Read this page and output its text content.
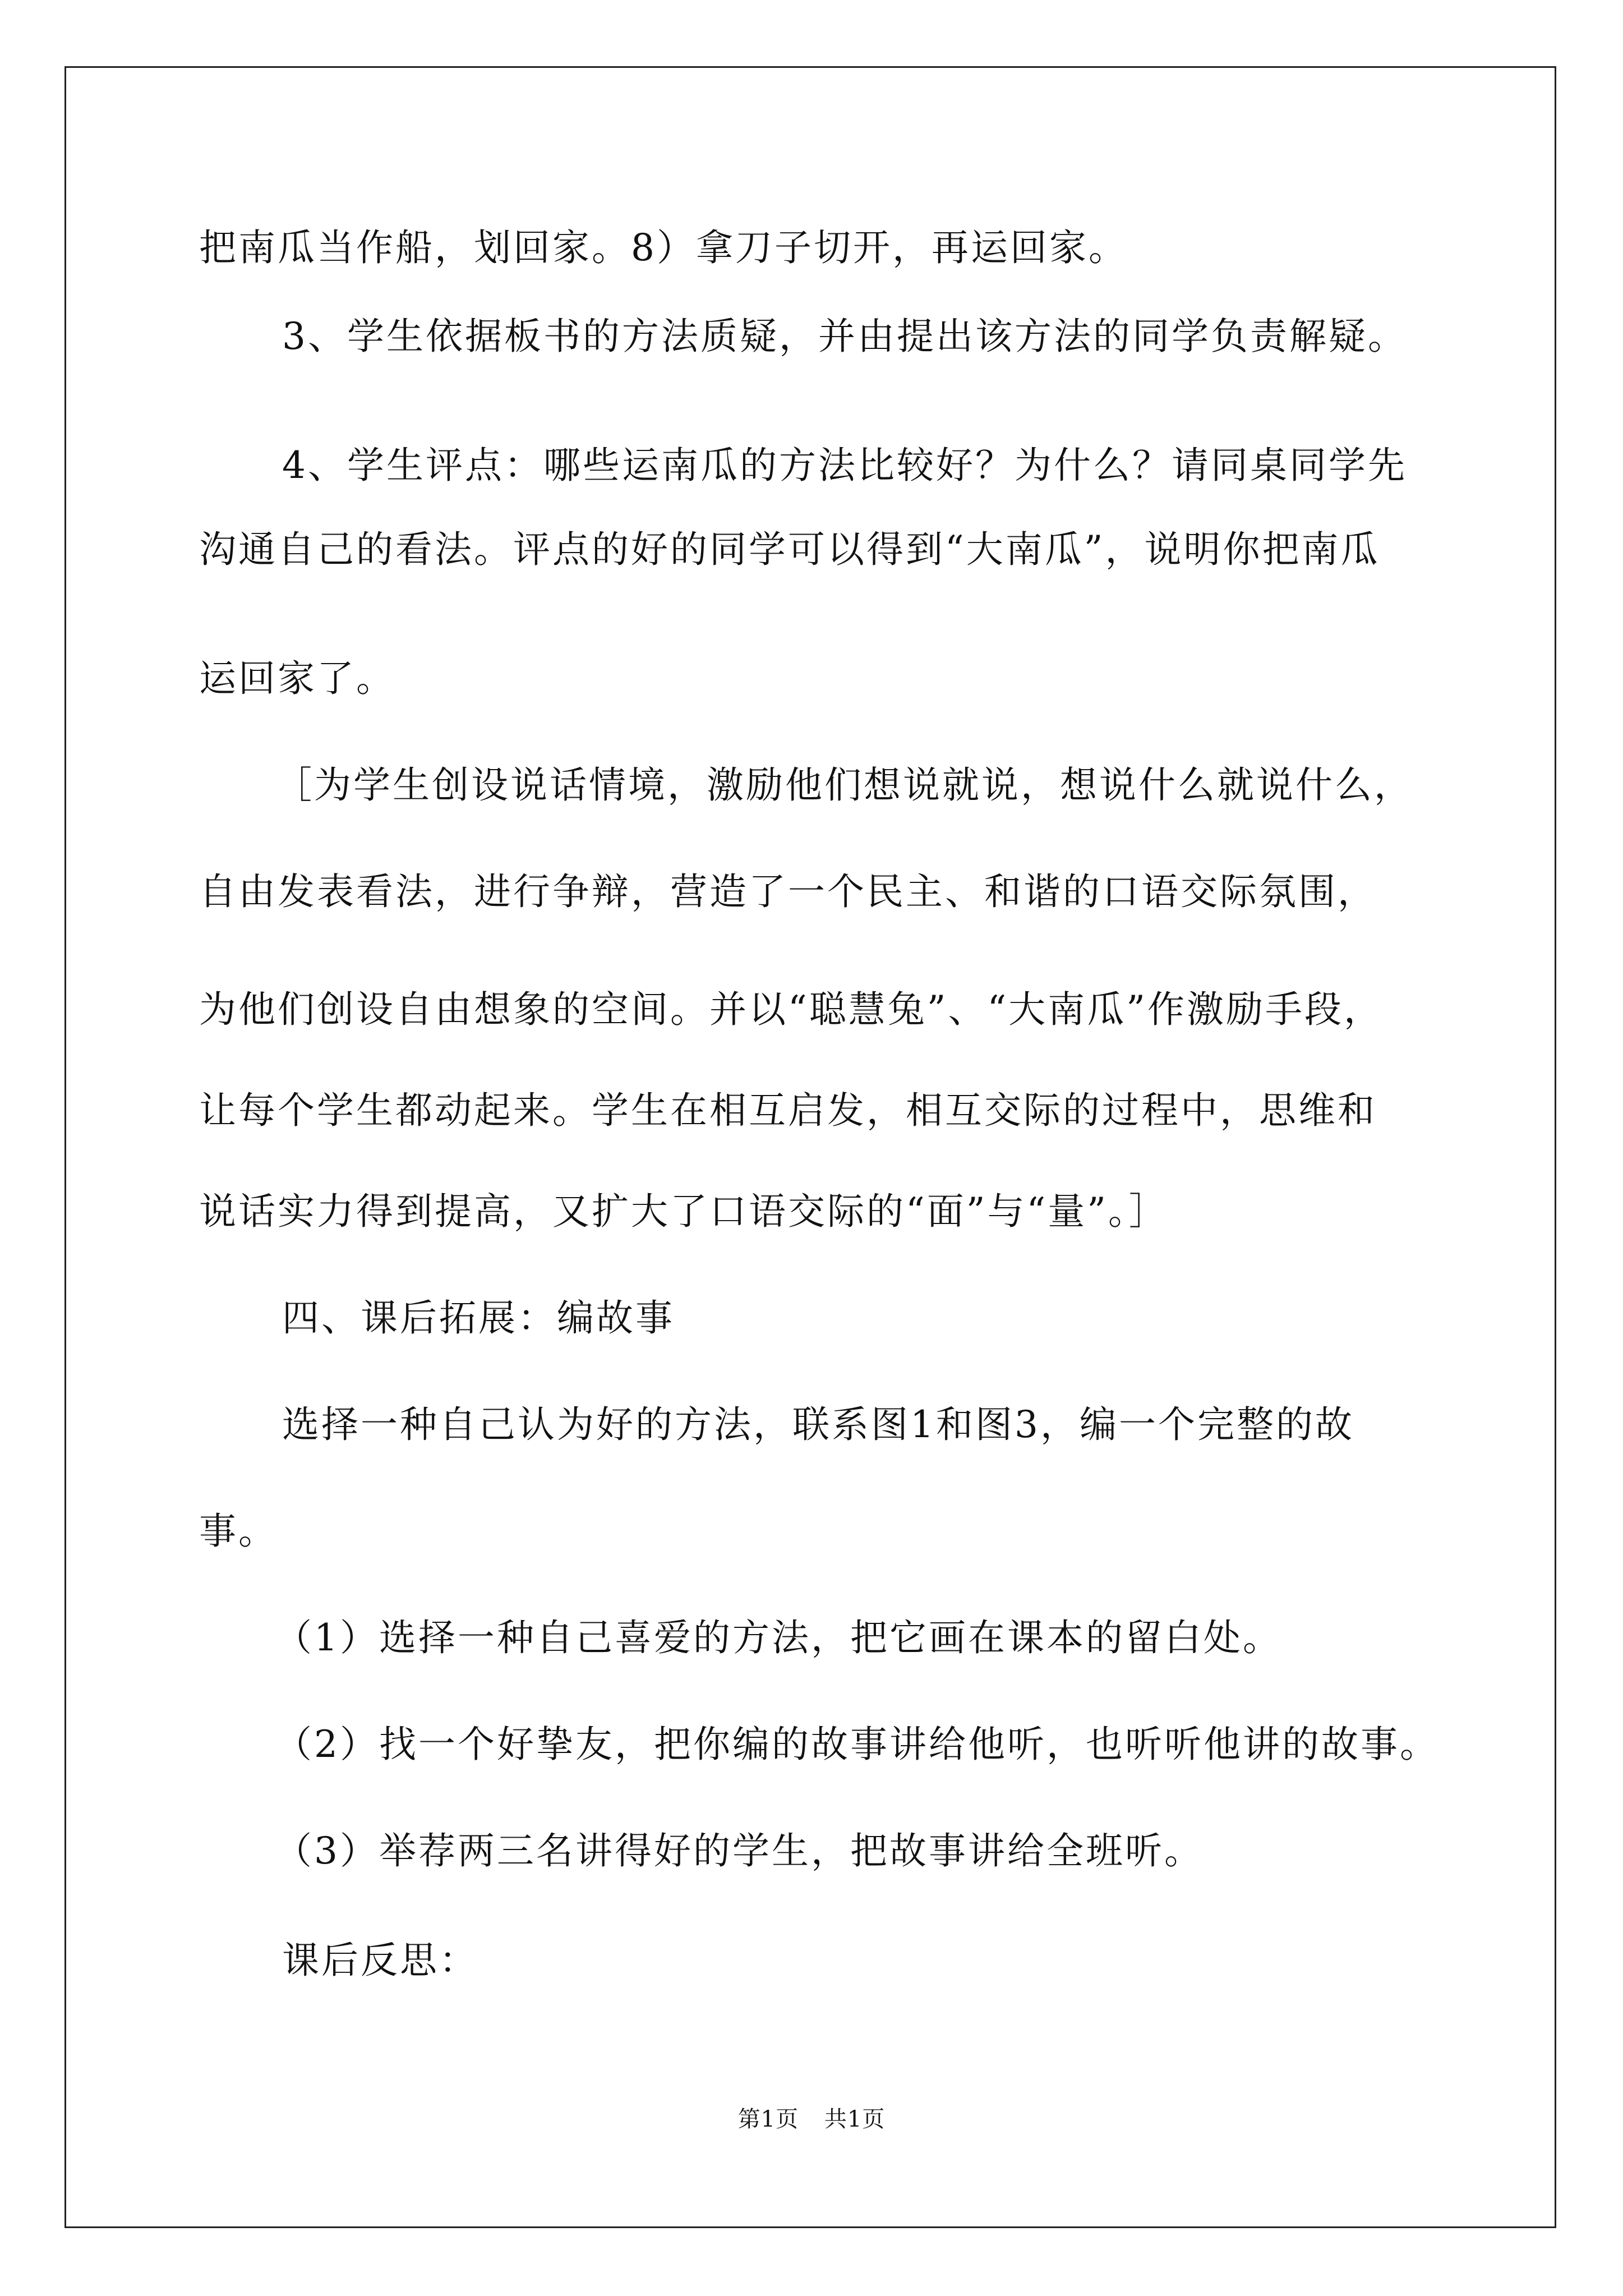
把南瓜当作船，划回家。8）拿刀子切开，再运回家。
3、学生依据板书的方法质疑，并由提出该方法的同学负责解疑。
4、学生评点：哪些运南瓜的方法比较好？为什么？请同桌同学先
沟通自己的看法。评点的好的同学可以得到“大南瓜”，说明你把南瓜
运回家了。
［为学生创设说话情境，激励他们想说就说，想说什么就说什么，
自由发表看法，进行争辩，营造了一个民主、和谐的口语交际氛围，
为他们创设自由想象的空间。并以“聪慧兔”、“大南瓜”作激励手段，
让每个学生都动起来。学生在相互启发，相互交际的过程中，思维和
说话实力得到提高，又扩大了口语交际的“面”与“量”。］
四、课后拓展：编故事
选择一种自己认为好的方法，联系图1和图3，编一个完整的故
事。
（1）选择一种自己喜爱的方法，把它画在课本的留白处。
（2）找一个好挚友，把你编的故事讲给他听，也听听他讲的故事。
（3）举荐两三名讲得好的学生，把故事讲给全班听。
课后反思：
第1页 共1页
